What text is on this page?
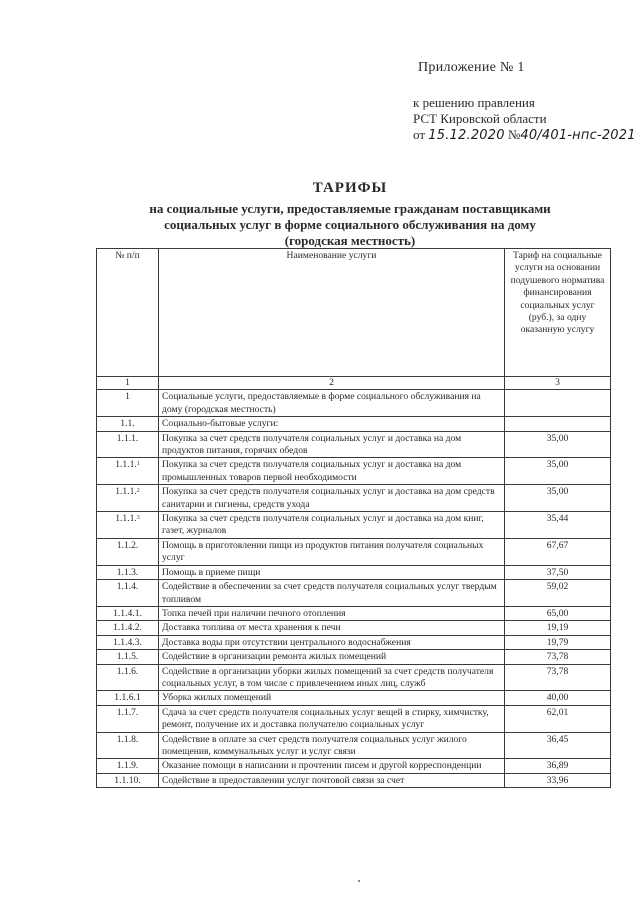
Приложение № 1
к решению правления
РСТ Кировской области
от 15.12.2020 №40/401-нпс-2021
ТАРИФЫ
на социальные услуги, предоставляемые гражданам поставщиками
социальных услуг в форме социального обслуживания на дому
(городская местность)
№ п/п	Наименование услуги	Тариф на социальные услуги на основании подушевого норматива финансирования социальных услуг (руб.), за одну оказанную услугу
1	2	3
1	Социальные услуги, предоставляемые в форме социального обслуживания на дому (городская местность)	
1.1.	Социально-бытовые услуги:	
1.1.1.	Покупка за счет средств получателя социальных услуг и доставка на дом продуктов питания, горячих обедов	35,00
1.1.1.$^1$	Покупка за счет средств получателя социальных услуг и доставка на дом промышленных товаров первой необходимости	35,00
1.1.1.$^2$	Покупка за счет средств получателя социальных услуг и доставка на дом средств санитарии и гигиены, средств ухода	35,00
1.1.1.$^3$	Покупка за счет средств получателя социальных услуг и доставка на дом книг, газет, журналов	35,44
1.1.2.	Помощь в приготовлении пищи из продуктов питания получателя социальных услуг	67,67
1.1.3.	Помощь в приеме пищи	37,50
1.1.4.	Содействие в обеспечении за счет средств получателя социальных услуг твердым топливом	59,02
1.1.4.1.	Топка печей при наличии печного отопления	65,00
1.1.4.2.	Доставка топлива от места хранения к печи	19,19
1.1.4.3.	Доставка воды при отсутствии центрального водоснабжения	19,79
1.1.5.	Содействие в организации ремонта жилых помещений	73,78
1.1.6.	Содействие в организации уборки жилых помещений за счет средств получателя социальных услуг, в том числе с привлечением иных лиц, служб	73,78
1.1.6.1	Уборка жилых помещений	40,00
1.1.7.	Сдача за счет средств получателя социальных услуг вещей в стирку, химчистку, ремонт, получение их и доставка получателю социальных услуг	62,01
1.1.8.	Содействие в оплате за счет средств получателя социальных услуг жилого помещения, коммунальных услуг и услуг связи	36,45
1.1.9.	Оказание помощи в написании и прочтении писем и другой корреспонденции	36,89
1.1.10.	Содействие в предоставлении услуг почтовой связи за счет	33,96
